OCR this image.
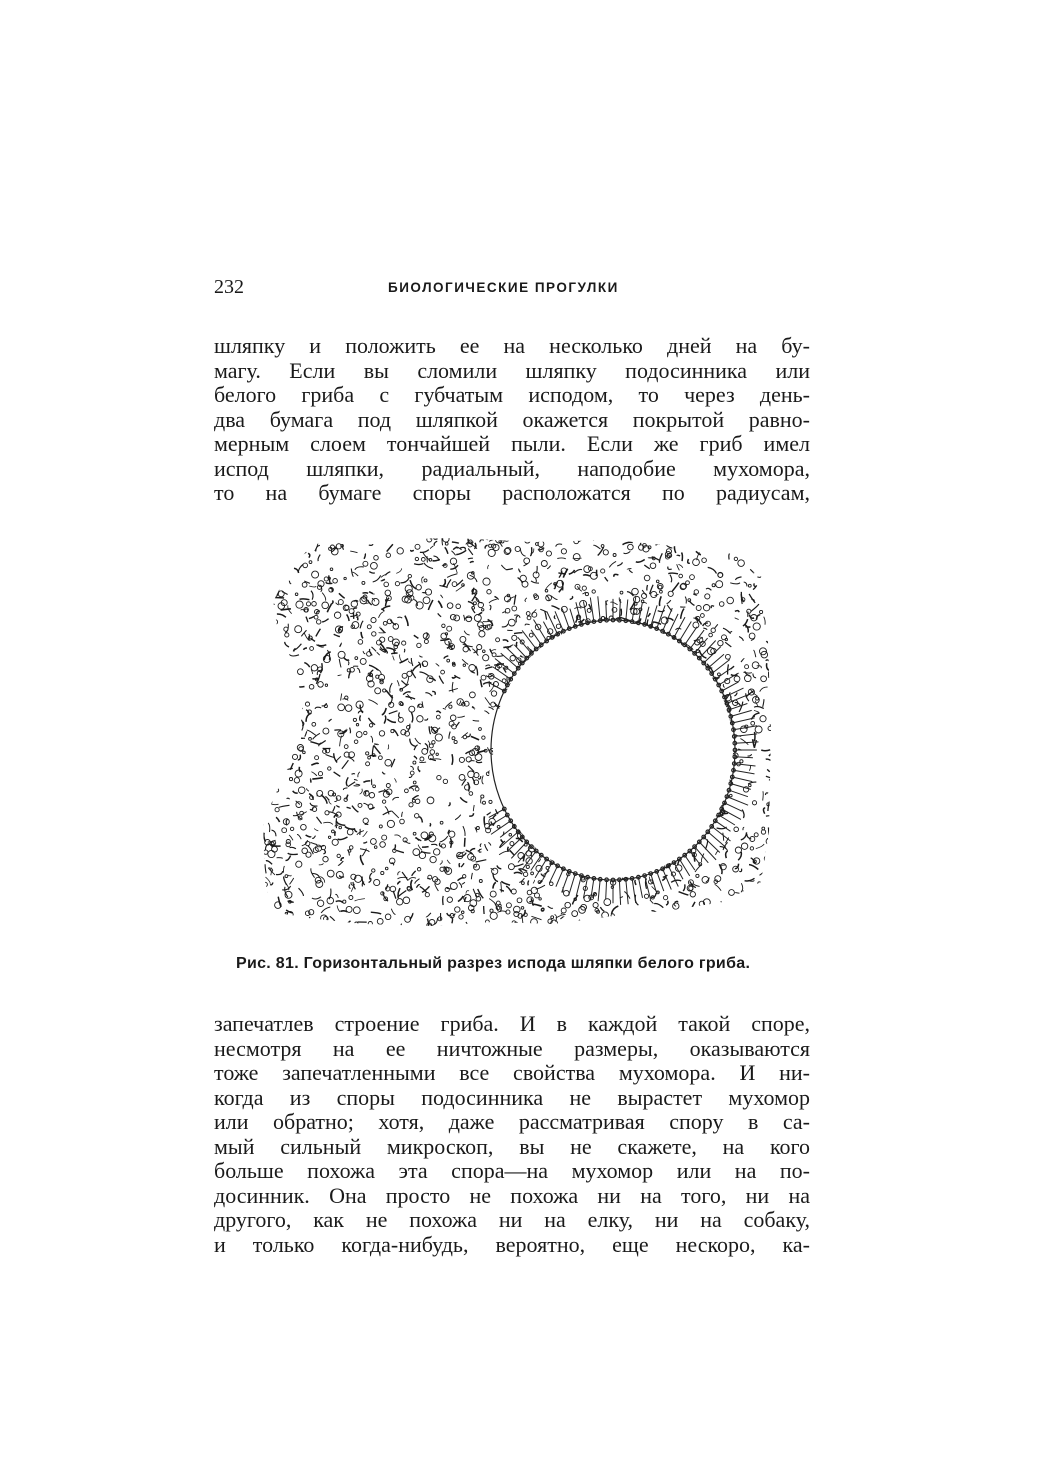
232	БИОЛОГИЧЕСКИЕ ПРОГУЛКИ
шляпку и положить ее на несколько дней на бу-
магу. Если вы сломили шляпку подосинника или
белого гриба с губчатым исподом, то через день-
два бумага под шляпкой окажется покрытой равно-
мерным слоем тончайшей пыли. Если же гриб имел
испод шляпки, радиальный, наподобие мухомора,
то на бумаге споры расположатся по радиусам,
Рис. 81. Горизонтальный разрез испода шляпки белого гриба.
запечатлев строение гриба. И в каждой такой споре,
несмотря на ее ничтожные размеры, оказываются
тоже запечатленными все свойства мухомора. И ни-
когда из споры подосинника не вырастет мухомор
или обратно; хотя, даже рассматривая спору в са-
мый сильный микроскоп, вы не скажете, на кого
больше похожа эта спора—на мухомор или на по-
досинник. Она просто не похожа ни на того, ни на
другого, как не похожа ни на елку, ни на собаку,
и только когда-нибудь, вероятно, еще нескоро, ка-
